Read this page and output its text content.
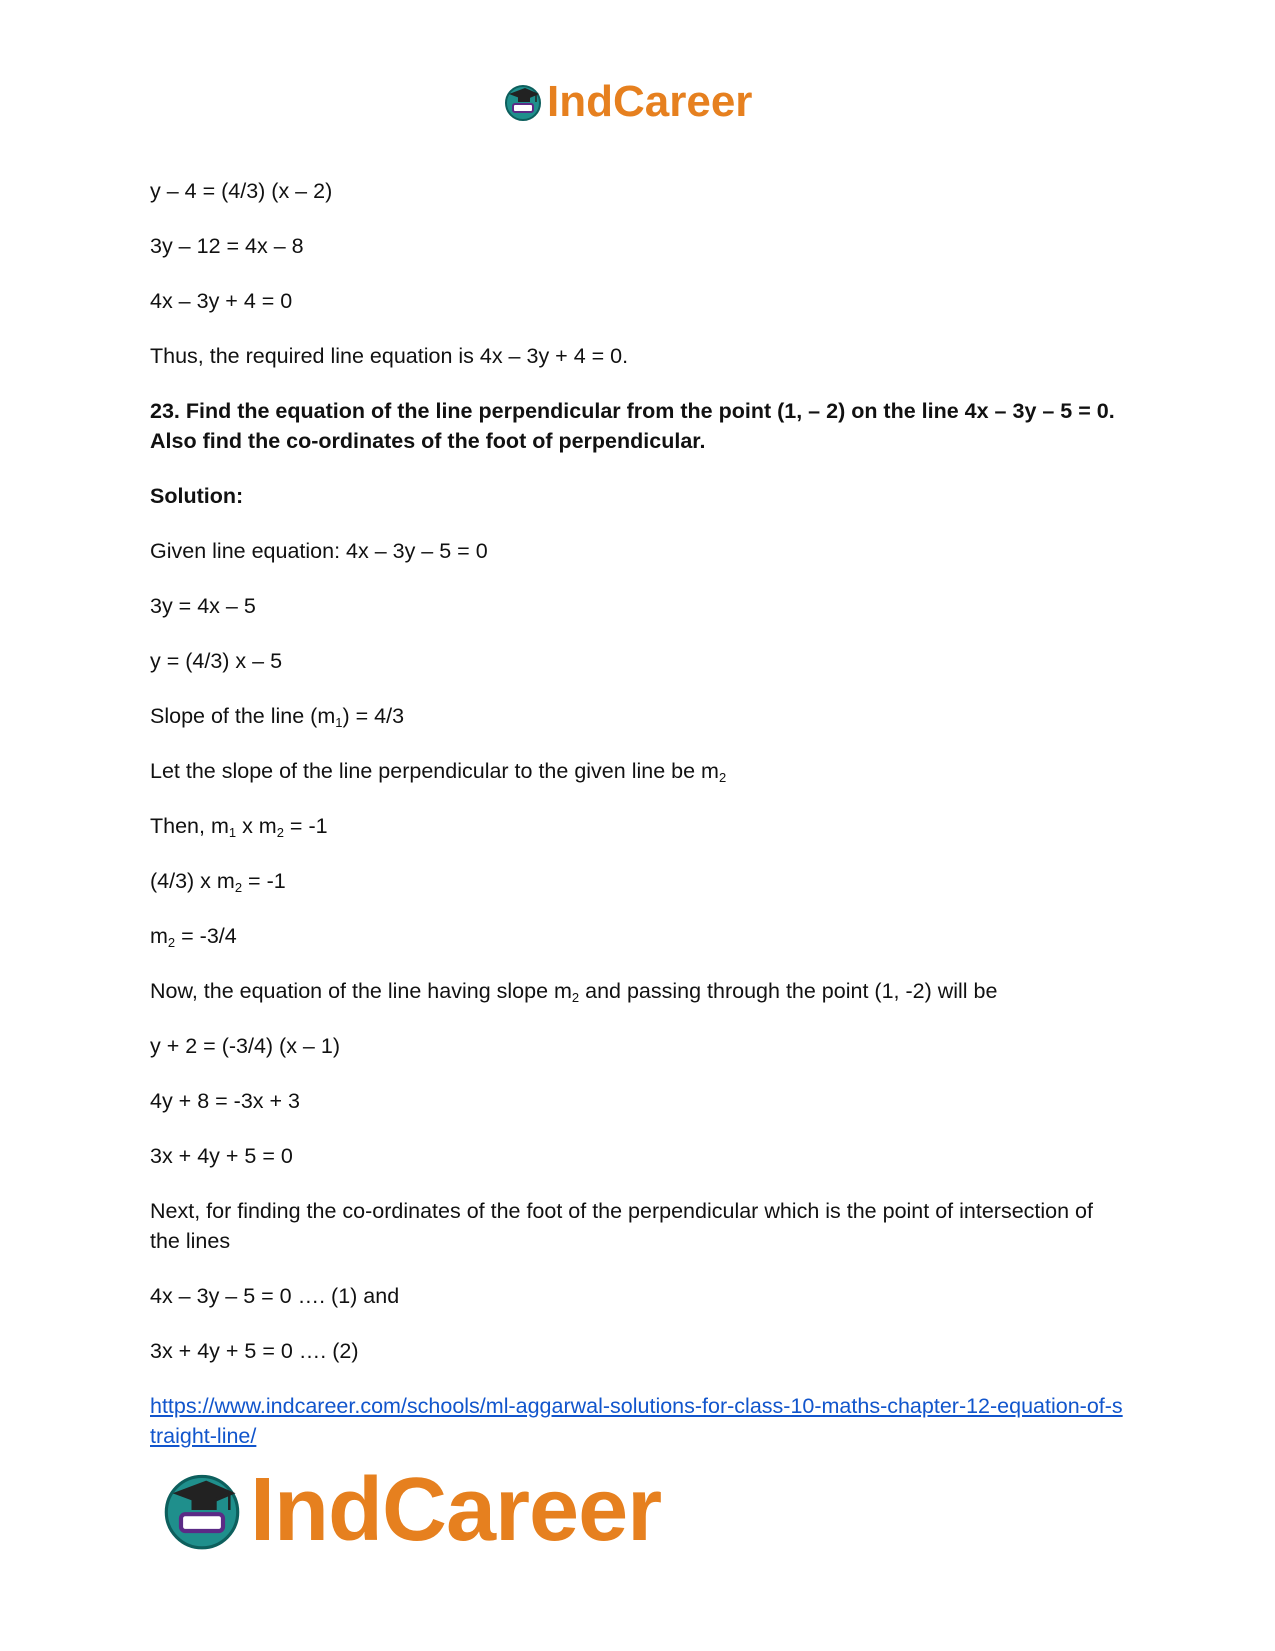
IndCareer

y – 4 = (4/3) (x – 2)

3y – 12 = 4x – 8

4x – 3y + 4 = 0

Thus, the required line equation is 4x – 3y + 4 = 0.

23. Find the equation of the line perpendicular from the point (1, – 2) on the line 4x – 3y – 5 = 0. Also find the co-ordinates of the foot of perpendicular.

Solution:

Given line equation: 4x – 3y – 5 = 0

3y = 4x – 5

y = (4/3) x – 5

Slope of the line $(m_1) = 4/3$

Let the slope of the line perpendicular to the given line be $m_2$

Then, $m_1$ x $m_2 = -1$

(4/3) x $m_2 = -1$

$m_2 = -3/4$

Now, the equation of the line having slope $m_2$ and passing through the point (1, -2) will be

y + 2 = (-3/4) (x – 1)

4y + 8 = -3x + 3

3x + 4y + 5 = 0

Next, for finding the co-ordinates of the foot of the perpendicular which is the point of intersection of the lines

4x – 3y – 5 = 0 …. (1) and

3x + 4y + 5 = 0 …. (2)

https://www.indcareer.com/schools/ml-aggarwal-solutions-for-class-10-maths-chapter-12-equation-of-straight-line/

IndCareer
